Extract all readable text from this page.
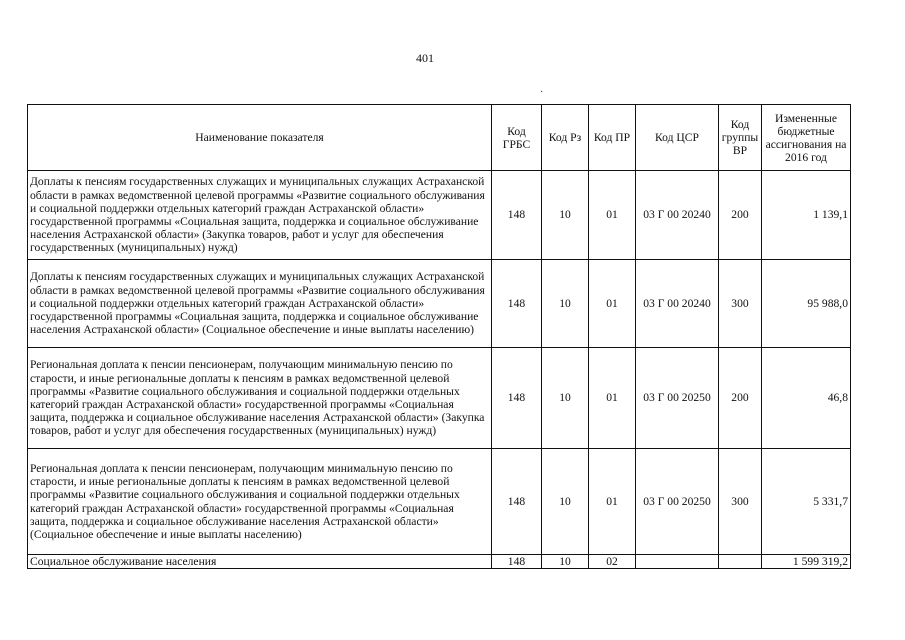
401
·
Наименование показателя	Код ГРБС	Код Рз	Код ПР	Код ЦСР	Код группы ВР	Измененные бюджетные ассигнования на 2016 год
Доплаты к пенсиям государственных служащих и муниципальных служащих Астраханской области в рамках ведомственной целевой программы «Развитие социального обслуживания и социальной поддержки отдельных категорий граждан Астраханской области» государственной программы «Социальная защита, поддержка и социальное обслуживание населения Астраханской области» (Закупка товаров, работ и услуг для обеспечения государственных (муниципальных) нужд)	148	10	01	03 Г 00 20240	200	1 139,1
Доплаты к пенсиям государственных служащих и муниципальных служащих Астраханской области в рамках ведомственной целевой программы «Развитие социального обслуживания и социальной поддержки отдельных категорий граждан Астраханской области» государственной программы «Социальная защита, поддержка и социальное обслуживание населения Астраханской области» (Социальное обеспечение и иные выплаты населению)	148	10	01	03 Г 00 20240	300	95 988,0
Региональная доплата к пенсии пенсионерам, получающим минимальную пенсию по старости, и иные региональные доплаты к пенсиям в рамках ведомственной целевой программы «Развитие социального обслуживания и социальной поддержки отдельных категорий граждан Астраханской области» государственной программы «Социальная защита, поддержка и социальное обслуживание населения Астраханской области» (Закупка товаров, работ и услуг для обеспечения государственных (муниципальных) нужд)	148	10	01	03 Г 00 20250	200	46,8
Региональная доплата к пенсии пенсионерам, получающим минимальную пенсию по старости, и иные региональные доплаты к пенсиям в рамках ведомственной целевой программы «Развитие социального обслуживания и социальной поддержки отдельных категорий граждан Астраханской области» государственной программы «Социальная защита, поддержка и социальное обслуживание населения Астраханской области» (Социальное обеспечение и иные выплаты населению)	148	10	01	03 Г 00 20250	300	5 331,7
Социальное обслуживание населения	148	10	02			1 599 319,2
